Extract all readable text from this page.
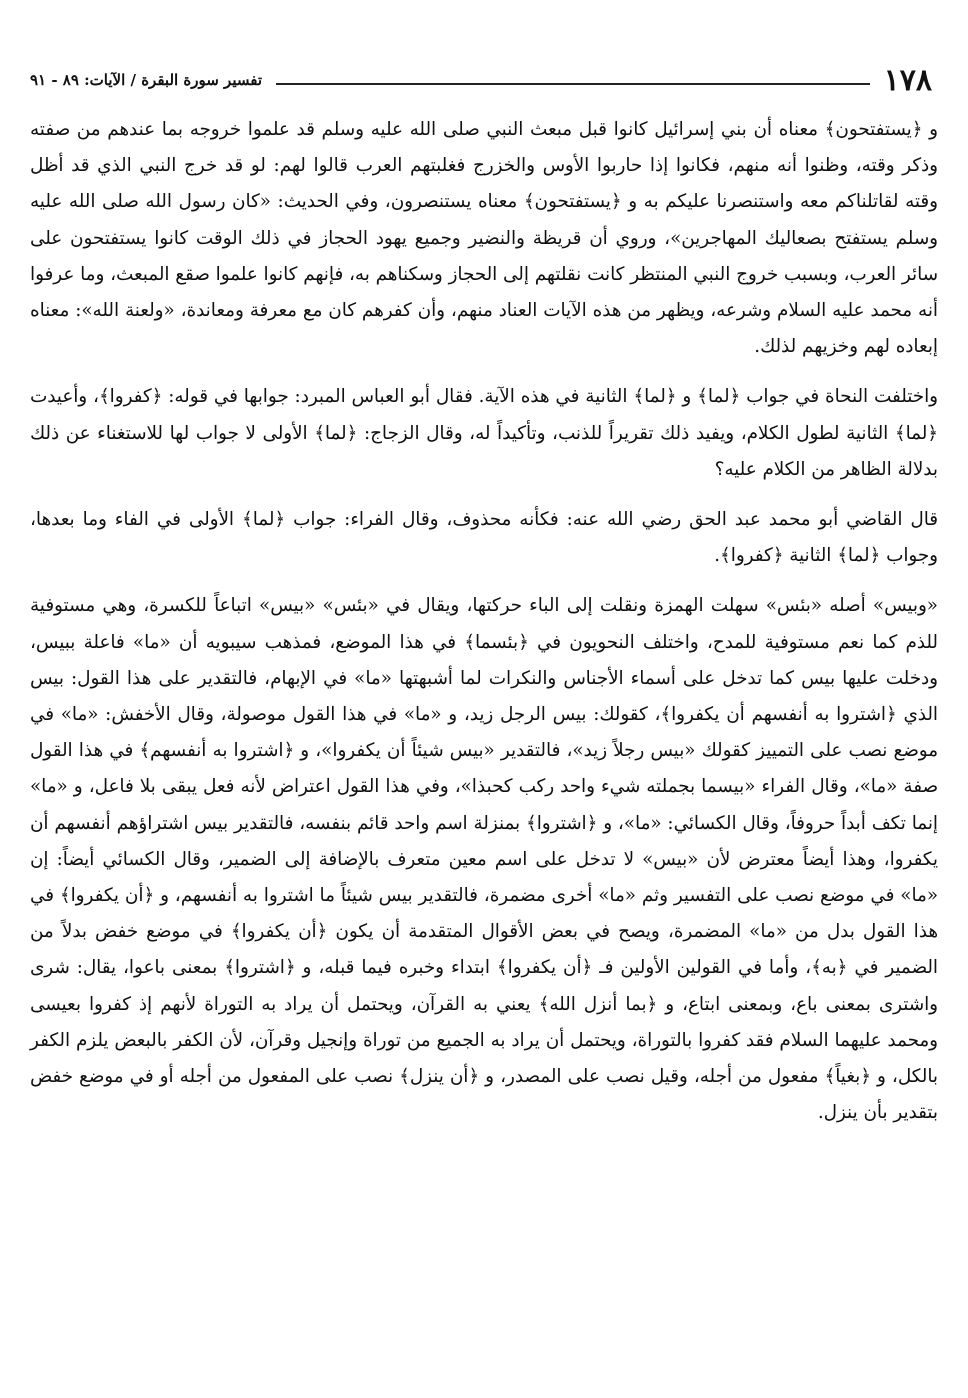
١٧٨
تفسير سورة البقرة / الآيات: ٨٩ - ٩١

و ﴿يستفتحون﴾ معناه أن بني إسرائيل كانوا قبل مبعث النبي صلى الله عليه وسلم قد علموا خروجه بما عندهم من صفته وذكر وقته، وظنوا أنه منهم، فكانوا إذا حاربوا الأوس والخزرج فغلبتهم العرب قالوا لهم: لو قد خرج النبي الذي قد أظل وقته لقاتلناكم معه واستنصرنا عليكم به و ﴿يستفتحون﴾ معناه يستنصرون، وفي الحديث: «كان رسول الله صلى الله عليه وسلم يستفتح بصعاليك المهاجرين»، وروي أن قريظة والنضير وجميع يهود الحجاز في ذلك الوقت كانوا يستفتحون على سائر العرب، وبسبب خروج النبي المنتظر كانت نقلتهم إلى الحجاز وسكناهم به، فإنهم كانوا علموا صقع المبعث، وما عرفوا أنه محمد عليه السلام وشرعه، ويظهر من هذه الآيات العناد منهم، وأن كفرهم كان مع معرفة ومعاندة، «ولعنة الله»: معناه إبعاده لهم وخزيهم لذلك.

واختلفت النحاة في جواب ﴿لما﴾ و ﴿لما﴾ الثانية في هذه الآية. فقال أبو العباس المبرد: جوابها في قوله: ﴿كفروا﴾، وأعيدت ﴿لما﴾ الثانية لطول الكلام، ويفيد ذلك تقريراً للذنب، وتأكيداً له، وقال الزجاج: ﴿لما﴾ الأولى لا جواب لها للاستغناء عن ذلك بدلالة الظاهر من الكلام عليه؟

قال القاضي أبو محمد عبد الحق رضي الله عنه: فكأنه محذوف، وقال الفراء: جواب ﴿لما﴾ الأولى في الفاء وما بعدها، وجواب ﴿لما﴾ الثانية ﴿كفروا﴾.

«وبيس» أصله «بئس» سهلت الهمزة ونقلت إلى الباء حركتها، ويقال في «بئس» «بيس» اتباعاً للكسرة، وهي مستوفية للذم كما نعم مستوفية للمدح، واختلف النحويون في ﴿بئسما﴾ في هذا الموضع، فمذهب سيبويه أن «ما» فاعلة ببيس، ودخلت عليها بيس كما تدخل على أسماء الأجناس والنكرات لما أشبهتها «ما» في الإبهام، فالتقدير على هذا القول: بيس الذي ﴿اشتروا به أنفسهم أن يكفروا﴾، كقولك: بيس الرجل زيد، و «ما» في هذا القول موصولة، وقال الأخفش: «ما» في موضع نصب على التمييز كقولك «بيس رجلاً زيد»، فالتقدير «بيس شيئاً أن يكفروا»، و ﴿اشتروا به أنفسهم﴾ في هذا القول صفة «ما»، وقال الفراء «بيسما بجملته شيء واحد ركب كحبذا»، وفي هذا القول اعتراض لأنه فعل يبقى بلا فاعل، و «ما» إنما تكف أبداً حروفاً، وقال الكسائي: «ما»، و ﴿اشتروا﴾ بمنزلة اسم واحد قائم بنفسه، فالتقدير بيس اشتراؤهم أنفسهم أن يكفروا، وهذا أيضاً معترض لأن «بيس» لا تدخل على اسم معين متعرف بالإضافة إلى الضمير، وقال الكسائي أيضاً: إن «ما» في موضع نصب على التفسير وثم «ما» أخرى مضمرة، فالتقدير بيس شيئاً ما اشتروا به أنفسهم، و ﴿أن يكفروا﴾ في هذا القول بدل من «ما» المضمرة، ويصح في بعض الأقوال المتقدمة أن يكون ﴿أن يكفروا﴾ في موضع خفض بدلاً من الضمير في ﴿به﴾، وأما في القولين الأولين فـ ﴿أن يكفروا﴾ ابتداء وخبره فيما قبله، و ﴿اشتروا﴾ بمعنى باعوا، يقال: شرى واشترى بمعنى باع، وبمعنى ابتاع، و ﴿بما أنزل الله﴾ يعني به القرآن، ويحتمل أن يراد به التوراة لأنهم إذ كفروا بعيسى ومحمد عليهما السلام فقد كفروا بالتوراة، ويحتمل أن يراد به الجميع من توراة وإنجيل وقرآن، لأن الكفر بالبعض يلزم الكفر بالكل، و ﴿بغياً﴾ مفعول من أجله، وقيل نصب على المصدر، و ﴿أن ينزل﴾ نصب على المفعول من أجله أو في موضع خفض بتقدير بأن ينزل.
